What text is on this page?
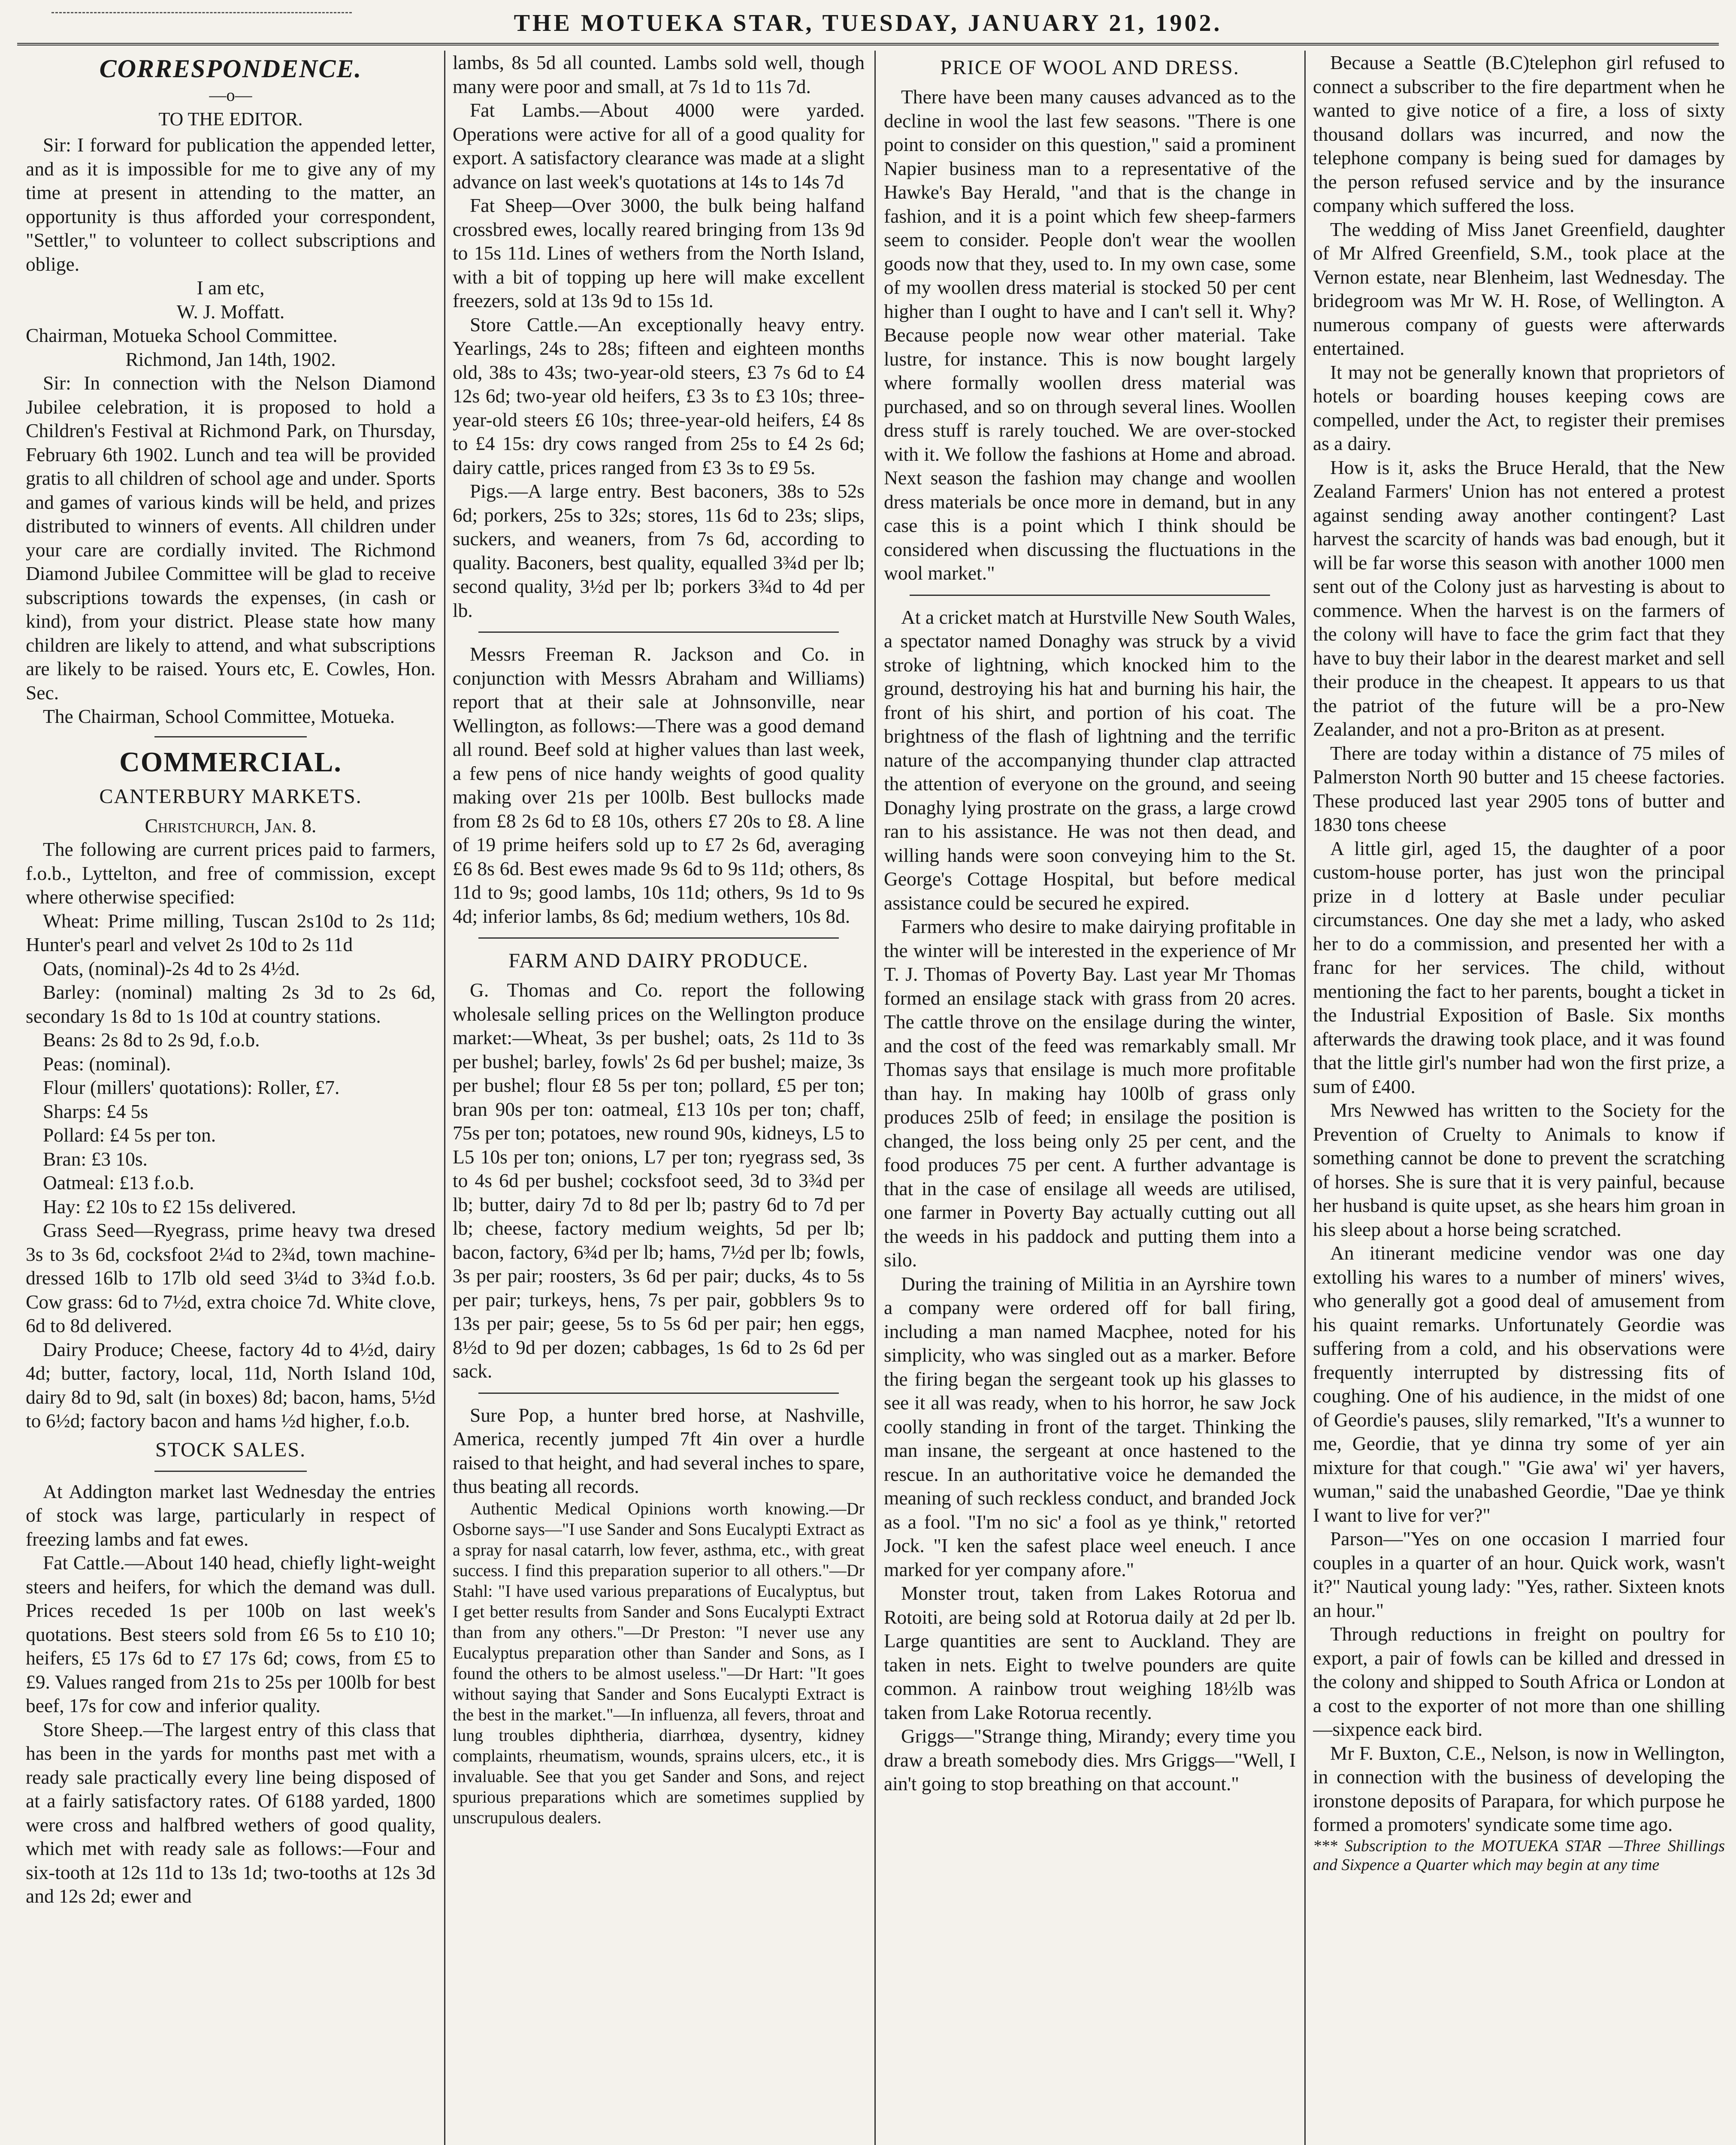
THE MOTUEKA STAR, TUESDAY, JANUARY 21, 1902.
CORRESPONDENCE.
—o—
TO THE EDITOR.

Sir: I forward for publication the appended letter, and as it is impossible for me to give any of my time at present in attending to the matter, an opportunity is thus afforded your correspondent, "Settler," to volunteer to collect subscriptions and oblige.

I am etc,

W. J. Moffatt.

Chairman, Motueka School Committee.

Richmond, Jan 14th, 1902.

Sir: In connection with the Nelson Diamond Jubilee celebration, it is proposed to hold a Children's Festival at Richmond Park, on Thursday, February 6th 1902. Lunch and tea will be provided gratis to all children of school age and under. Sports and games of various kinds will be held, and prizes distributed to winners of events. All children under your care are cordially invited. The Richmond Diamond Jubilee Committee will be glad to receive subscriptions towards the expenses, (in cash or kind), from your district. Please state how many children are likely to attend, and what subscriptions are likely to be raised. Yours etc, E. Cowles, Hon. Sec.

The Chairman, School Committee, Motueka.

COMMERCIAL.
CANTERBURY MARKETS.

Christchurch, Jan. 8.

The following are current prices paid to farmers, f.o.b., Lyttelton, and free of commission, except where otherwise specified:

Wheat: Prime milling, Tuscan 2s10d to 2s 11d; Hunter's pearl and velvet 2s 10d to 2s 11d

Oats, (nominal)-2s 4d to 2s 4½d.

Barley: (nominal) malting 2s 3d to 2s 6d, secondary 1s 8d to 1s 10d at country stations.

Beans: 2s 8d to 2s 9d, f.o.b.

Peas: (nominal).

Flour (millers' quotations): Roller, £7.

Sharps: £4 5s

Pollard: £4 5s per ton.

Bran: £3 10s.

Oatmeal: £13 f.o.b.

Hay: £2 10s to £2 15s delivered.

Grass Seed—Ryegrass, prime heavy twa dresed 3s to 3s 6d, cocksfoot 2¼d to 2¾d, town machine-dressed 16lb to 17lb old seed 3¼d to 3¾d f.o.b. Cow grass: 6d to 7½d, extra choice 7d. White clove, 6d to 8d delivered.

Dairy Produce; Cheese, factory 4d to 4½d, dairy 4d; butter, factory, local, 11d, North Island 10d, dairy 8d to 9d, salt (in boxes) 8d; bacon, hams, 5½d to 6½d; factory bacon and hams ½d higher, f.o.b.

STOCK SALES.

At Addington market last Wednesday the entries of stock was large, particularly in respect of freezing lambs and fat ewes.

Fat Cattle.—About 140 head, chiefly light-weight steers and heifers, for which the demand was dull. Prices receded 1s per 100b on last week's quotations. Best steers sold from £6 5s to £10 10; heifers, £5 17s 6d to £7 17s 6d; cows, from £5 to £9. Values ranged from 21s to 25s per 100lb for best beef, 17s for cow and inferior quality.

Store Sheep.—The largest entry of this class that has been in the yards for months past met with a ready sale practically every line being disposed of at a fairly satisfactory rates. Of 6188 yarded, 1800 were cross and halfbred wethers of good quality, which met with ready sale as follows:—Four and six-tooth at 12s 11d to 13s 1d; two-tooths at 12s 3d and 12s 2d; ewer and

lambs, 8s 5d all counted. Lambs sold well, though many were poor and small, at 7s 1d to 11s 7d.

Fat Lambs.—About 4000 were yarded. Operations were active for all of a good quality for export. A satisfactory clearance was made at a slight advance on last week's quotations at 14s to 14s 7d

Fat Sheep—Over 3000, the bulk being halfand crossbred ewes, locally reared bringing from 13s 9d to 15s 11d. Lines of wethers from the North Island, with a bit of topping up here will make excellent freezers, sold at 13s 9d to 15s 1d.

Store Cattle.—An exceptionally heavy entry. Yearlings, 24s to 28s; fifteen and eighteen months old, 38s to 43s; two-year-old steers, £3 7s 6d to £4 12s 6d; two-year old heifers, £3 3s to £3 10s; three-year-old steers £6 10s; three-year-old heifers, £4 8s to £4 15s: dry cows ranged from 25s to £4 2s 6d; dairy cattle, prices ranged from £3 3s to £9 5s.

Pigs.—A large entry. Best baconers, 38s to 52s 6d; porkers, 25s to 32s; stores, 11s 6d to 23s; slips, suckers, and weaners, from 7s 6d, according to quality. Baconers, best quality, equalled 3¾d per lb; second quality, 3½d per lb; porkers 3¾d to 4d per lb.

Messrs Freeman R. Jackson and Co. in conjunction with Messrs Abraham and Williams) report that at their sale at Johnsonville, near Wellington, as follows:—There was a good demand all round. Beef sold at higher values than last week, a few pens of nice handy weights of good quality making over 21s per 100lb. Best bullocks made from £8 2s 6d to £8 10s, others £7 20s to £8. A line of 19 prime heifers sold up to £7 2s 6d, averaging £6 8s 6d. Best ewes made 9s 6d to 9s 11d; others, 8s 11d to 9s; good lambs, 10s 11d; others, 9s 1d to 9s 4d; inferior lambs, 8s 6d; medium wethers, 10s 8d.

FARM AND DAIRY PRODUCE.

G. Thomas and Co. report the following wholesale selling prices on the Wellington produce market:—Wheat, 3s per bushel; oats, 2s 11d to 3s per bushel; barley, fowls' 2s 6d per bushel; maize, 3s per bushel; flour £8 5s per ton; pollard, £5 per ton; bran 90s per ton: oatmeal, £13 10s per ton; chaff, 75s per ton; potatoes, new round 90s, kidneys, L5 to L5 10s per ton; onions, L7 per ton; ryegrass sed, 3s to 4s 6d per bushel; cocksfoot seed, 3d to 3¾d per lb; butter, dairy 7d to 8d per lb; pastry 6d to 7d per lb; cheese, factory medium weights, 5d per lb; bacon, factory, 6¾d per lb; hams, 7½d per lb; fowls, 3s per pair; roosters, 3s 6d per pair; ducks, 4s to 5s per pair; turkeys, hens, 7s per pair, gobblers 9s to 13s per pair; geese, 5s to 5s 6d per pair; hen eggs, 8½d to 9d per dozen; cabbages, 1s 6d to 2s 6d per sack.

Sure Pop, a hunter bred horse, at Nashville, America, recently jumped 7ft 4in over a hurdle raised to that height, and had several inches to spare, thus beating all records.

Authentic Medical Opinions worth knowing.—Dr Osborne says—"I use Sander and Sons Eucalypti Extract as a spray for nasal catarrh, low fever, asthma, etc., with great success. I find this preparation superior to all others."—Dr Stahl: "I have used various preparations of Eucalyptus, but I get better results from Sander and Sons Eucalypti Extract than from any others."—Dr Preston: "I never use any Eucalyptus preparation other than Sander and Sons, as I found the others to be almost useless."—Dr Hart: "It goes without saying that Sander and Sons Eucalypti Extract is the best in the market."—In influenza, all fevers, throat and lung troubles diphtheria, diarrhœa, dysentry, kidney complaints, rheumatism, wounds, sprains ulcers, etc., it is invaluable. See that you get Sander and Sons, and reject spurious preparations which are sometimes supplied by unscrupulous dealers.

PRICE OF WOOL AND DRESS.

There have been many causes advanced as to the decline in wool the last few seasons. "There is one point to consider on this question," said a prominent Napier business man to a representative of the Hawke's Bay Herald, "and that is the change in fashion, and it is a point which few sheep-farmers seem to consider. People don't wear the woollen goods now that they, used to. In my own case, some of my woollen dress material is stocked 50 per cent higher than I ought to have and I can't sell it. Why? Because people now wear other material. Take lustre, for instance. This is now bought largely where formally woollen dress material was purchased, and so on through several lines. Woollen dress stuff is rarely touched. We are over-stocked with it. We follow the fashions at Home and abroad. Next season the fashion may change and woollen dress materials be once more in demand, but in any case this is a point which I think should be considered when discussing the fluctuations in the wool market."

At a cricket match at Hurstville New South Wales, a spectator named Donaghy was struck by a vivid stroke of lightning, which knocked him to the ground, destroying his hat and burning his hair, the front of his shirt, and portion of his coat. The brightness of the flash of lightning and the terrific nature of the accompanying thunder clap attracted the attention of everyone on the ground, and seeing Donaghy lying prostrate on the grass, a large crowd ran to his assistance. He was not then dead, and willing hands were soon conveying him to the St. George's Cottage Hospital, but before medical assistance could be secured he expired.

Farmers who desire to make dairying profitable in the winter will be interested in the experience of Mr T. J. Thomas of Poverty Bay. Last year Mr Thomas formed an ensilage stack with grass from 20 acres. The cattle throve on the ensilage during the winter, and the cost of the feed was remarkably small. Mr Thomas says that ensilage is much more profitable than hay. In making hay 100lb of grass only produces 25lb of feed; in ensilage the position is changed, the loss being only 25 per cent, and the food produces 75 per cent. A further advantage is that in the case of ensilage all weeds are utilised, one farmer in Poverty Bay actually cutting out all the weeds in his paddock and putting them into a silo.

During the training of Militia in an Ayrshire town a company were ordered off for ball firing, including a man named Macphee, noted for his simplicity, who was singled out as a marker. Before the firing began the sergeant took up his glasses to see it all was ready, when to his horror, he saw Jock coolly standing in front of the target. Thinking the man insane, the sergeant at once hastened to the rescue. In an authoritative voice he demanded the meaning of such reckless conduct, and branded Jock as a fool. "I'm no sic' a fool as ye think," retorted Jock. "I ken the safest place weel eneuch. I ance marked for yer company afore."

Monster trout, taken from Lakes Rotorua and Rotoiti, are being sold at Rotorua daily at 2d per lb. Large quantities are sent to Auckland. They are taken in nets. Eight to twelve pounders are quite common. A rainbow trout weighing 18½lb was taken from Lake Rotorua recently.

Griggs—"Strange thing, Mirandy; every time you draw a breath somebody dies. Mrs Griggs—"Well, I ain't going to stop breathing on that account."

Because a Seattle (B.C)telephon girl refused to connect a subscriber to the fire department when he wanted to give notice of a fire, a loss of sixty thousand dollars was incurred, and now the telephone company is being sued for damages by the person refused service and by the insurance company which suffered the loss.

The wedding of Miss Janet Greenfield, daughter of Mr Alfred Greenfield, S.M., took place at the Vernon estate, near Blenheim, last Wednesday. The bridegroom was Mr W. H. Rose, of Wellington. A numerous company of guests were afterwards entertained.

It may not be generally known that proprietors of hotels or boarding houses keeping cows are compelled, under the Act, to register their premises as a dairy.

How is it, asks the Bruce Herald, that the New Zealand Farmers' Union has not entered a protest against sending away another contingent? Last harvest the scarcity of hands was bad enough, but it will be far worse this season with another 1000 men sent out of the Colony just as harvesting is about to commence. When the harvest is on the farmers of the colony will have to face the grim fact that they have to buy their labor in the dearest market and sell their produce in the cheapest. It appears to us that the patriot of the future will be a pro-New Zealander, and not a pro-Briton as at present.

There are today within a distance of 75 miles of Palmerston North 90 butter and 15 cheese factories. These produced last year 2905 tons of butter and 1830 tons cheese

A little girl, aged 15, the daughter of a poor custom-house porter, has just won the principal prize in d lottery at Basle under peculiar circumstances. One day she met a lady, who asked her to do a commission, and presented her with a franc for her services. The child, without mentioning the fact to her parents, bought a ticket in the Industrial Exposition of Basle. Six months afterwards the drawing took place, and it was found that the little girl's number had won the first prize, a sum of £400.

Mrs Newwed has written to the Society for the Prevention of Cruelty to Animals to know if something cannot be done to prevent the scratching of horses. She is sure that it is very painful, because her husband is quite upset, as she hears him groan in his sleep about a horse being scratched.

An itinerant medicine vendor was one day extolling his wares to a number of miners' wives, who generally got a good deal of amusement from his quaint remarks. Unfortunately Geordie was suffering from a cold, and his observations were frequently interrupted by distressing fits of coughing. One of his audience, in the midst of one of Geordie's pauses, slily remarked, "It's a wunner to me, Geordie, that ye dinna try some of yer ain mixture for that cough." "Gie awa' wi' yer havers, wuman," said the unabashed Geordie, "Dae ye think I want to live for ver?"

Parson—"Yes on one occasion I married four couples in a quarter of an hour. Quick work, wasn't it?" Nautical young lady: "Yes, rather. Sixteen knots an hour."

Through reductions in freight on poultry for export, a pair of fowls can be killed and dressed in the colony and shipped to South Africa or London at a cost to the exporter of not more than one shilling—sixpence eack bird.

Mr F. Buxton, C.E., Nelson, is now in Wellington, in connection with the business of developing the ironstone deposits of Parapara, for which purpose he formed a promoters' syndicate some time ago.

*** Subscription to the MOTUEKA STAR —Three Shillings and Sixpence a Quarter which may begin at any time
